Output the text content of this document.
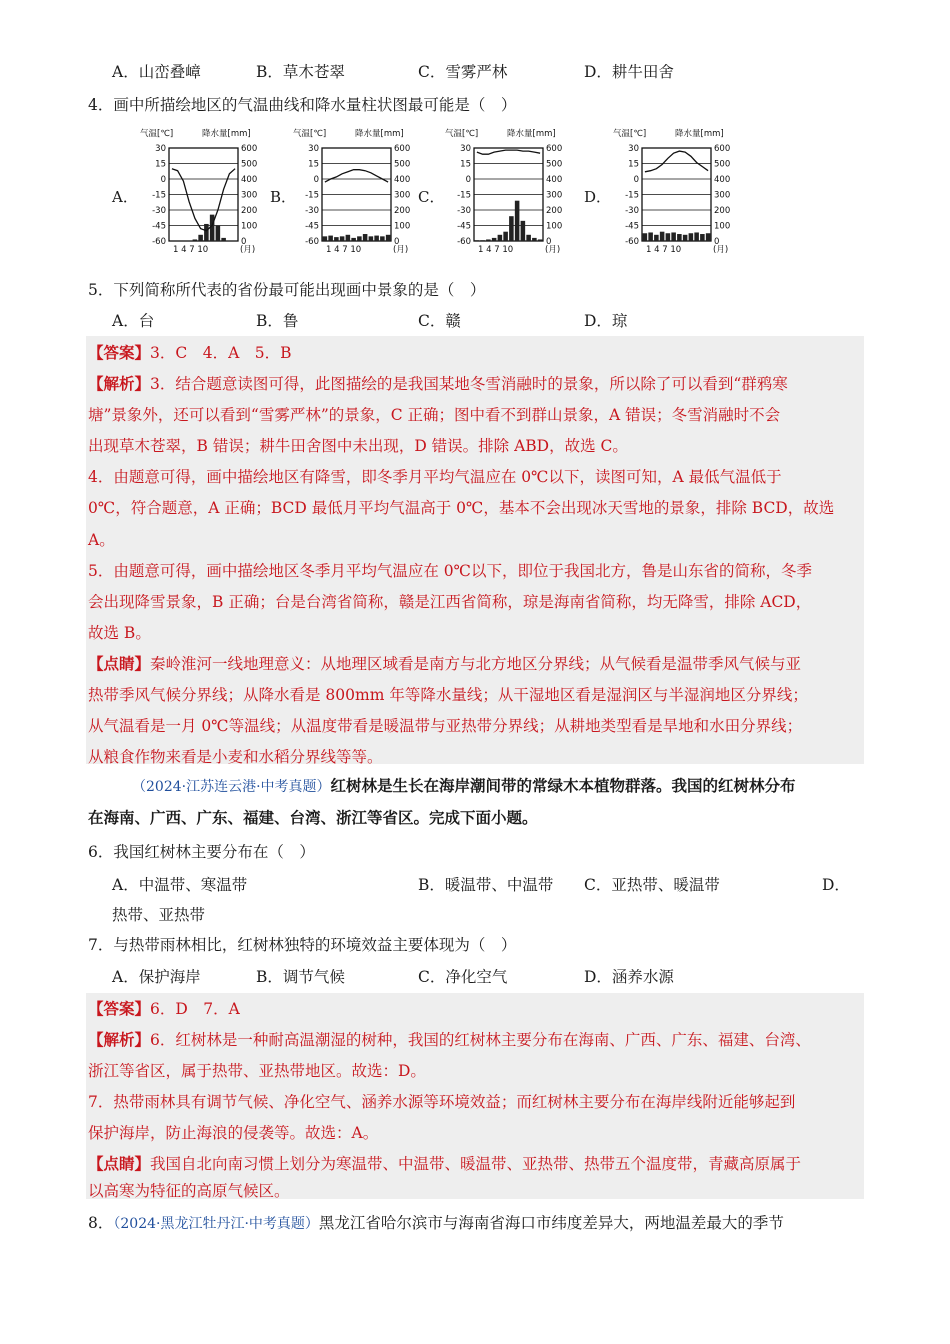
A．山峦叠嶂	B．草木苍翠	C．雪雾严林	D．耕牛田舍
4．画中所描绘地区的气温曲线和降水量柱状图最可能是（　）
A．	B．	C．	D．
气温[℃]	降水量[mm]
30	600
15	500
0	400
-15	300
-30	200
-45	100
-60	0
1 4 7 10	(月)
气温[℃]	降水量[mm]
30	600
15	500
0	400
-15	300
-30	200
-45	100
-60	0
1 4 7 10	(月)
气温[℃]	降水量[mm]
30	600
15	500
0	400
-15	300
-30	200
-45	100
-60	0
1 4 7 10	(月)
气温[℃]	降水量[mm]
30	600
15	500
0	400
-15	300
-30	200
-45	100
-60	0
1 4 7 10	(月)
5．下列简称所代表的省份最可能出现画中景象的是（　）
A．台	B．鲁	C．赣	D．琼
【答案】3．C　4．A　5．B
【解析】3．结合题意读图可得，此图描绘的是我国某地冬雪消融时的景象，所以除了可以看到“群鸦寒
塘”景象外，还可以看到“雪雾严林”的景象，C 正确；图中看不到群山景象，A 错误；冬雪消融时不会
出现草木苍翠，B 错误；耕牛田舍图中未出现，D 错误。排除 ABD，故选 C。
4．由题意可得，画中描绘地区有降雪，即冬季月平均气温应在 0℃以下，读图可知，A 最低气温低于
0℃，符合题意，A 正确；BCD 最低月平均气温高于 0℃，基本不会出现冰天雪地的景象，排除 BCD，故选
A。
5．由题意可得，画中描绘地区冬季月平均气温应在 0℃以下，即位于我国北方，鲁是山东省的简称，冬季
会出现降雪景象，B 正确；台是台湾省简称，赣是江西省简称，琼是海南省简称，均无降雪，排除 ACD，
故选 B。
【点睛】秦岭淮河一线地理意义：从地理区域看是南方与北方地区分界线；从气候看是温带季风气候与亚
热带季风气候分界线；从降水看是 800mm 年等降水量线；从干湿地区看是湿润区与半湿润地区分界线；
从气温看是一月 0℃等温线；从温度带看是暖温带与亚热带分界线；从耕地类型看是旱地和水田分界线；
从粮食作物来看是小麦和水稻分界线等等。
（2024·江苏连云港·中考真题）红树林是生长在海岸潮间带的常绿木本植物群落。我国的红树林分布
在海南、广西、广东、福建、台湾、浙江等省区。完成下面小题。
6．我国红树林主要分布在（　）
A．中温带、寒温带	B．暖温带、中温带 C．亚热带、暖温带	D．
热带、亚热带
7．与热带雨林相比，红树林独特的环境效益主要体现为（　）
A．保护海岸	B．调节气候	C．净化空气	D．涵养水源
【答案】6．D　7．A
【解析】6．红树林是一种耐高温潮湿的树种，我国的红树林主要分布在海南、广西、广东、福建、台湾、
浙江等省区，属于热带、亚热带地区。故选：D。
7．热带雨林具有调节气候、净化空气、涵养水源等环境效益；而红树林主要分布在海岸线附近能够起到
保护海岸，防止海浪的侵袭等。故选：A。
【点睛】我国自北向南习惯上划分为寒温带、中温带、暖温带、亚热带、热带五个温度带，青藏高原属于
以高寒为特征的高原气候区。
8．（2024·黑龙江牡丹江·中考真题）黑龙江省哈尔滨市与海南省海口市纬度差异大，两地温差最大的季节
